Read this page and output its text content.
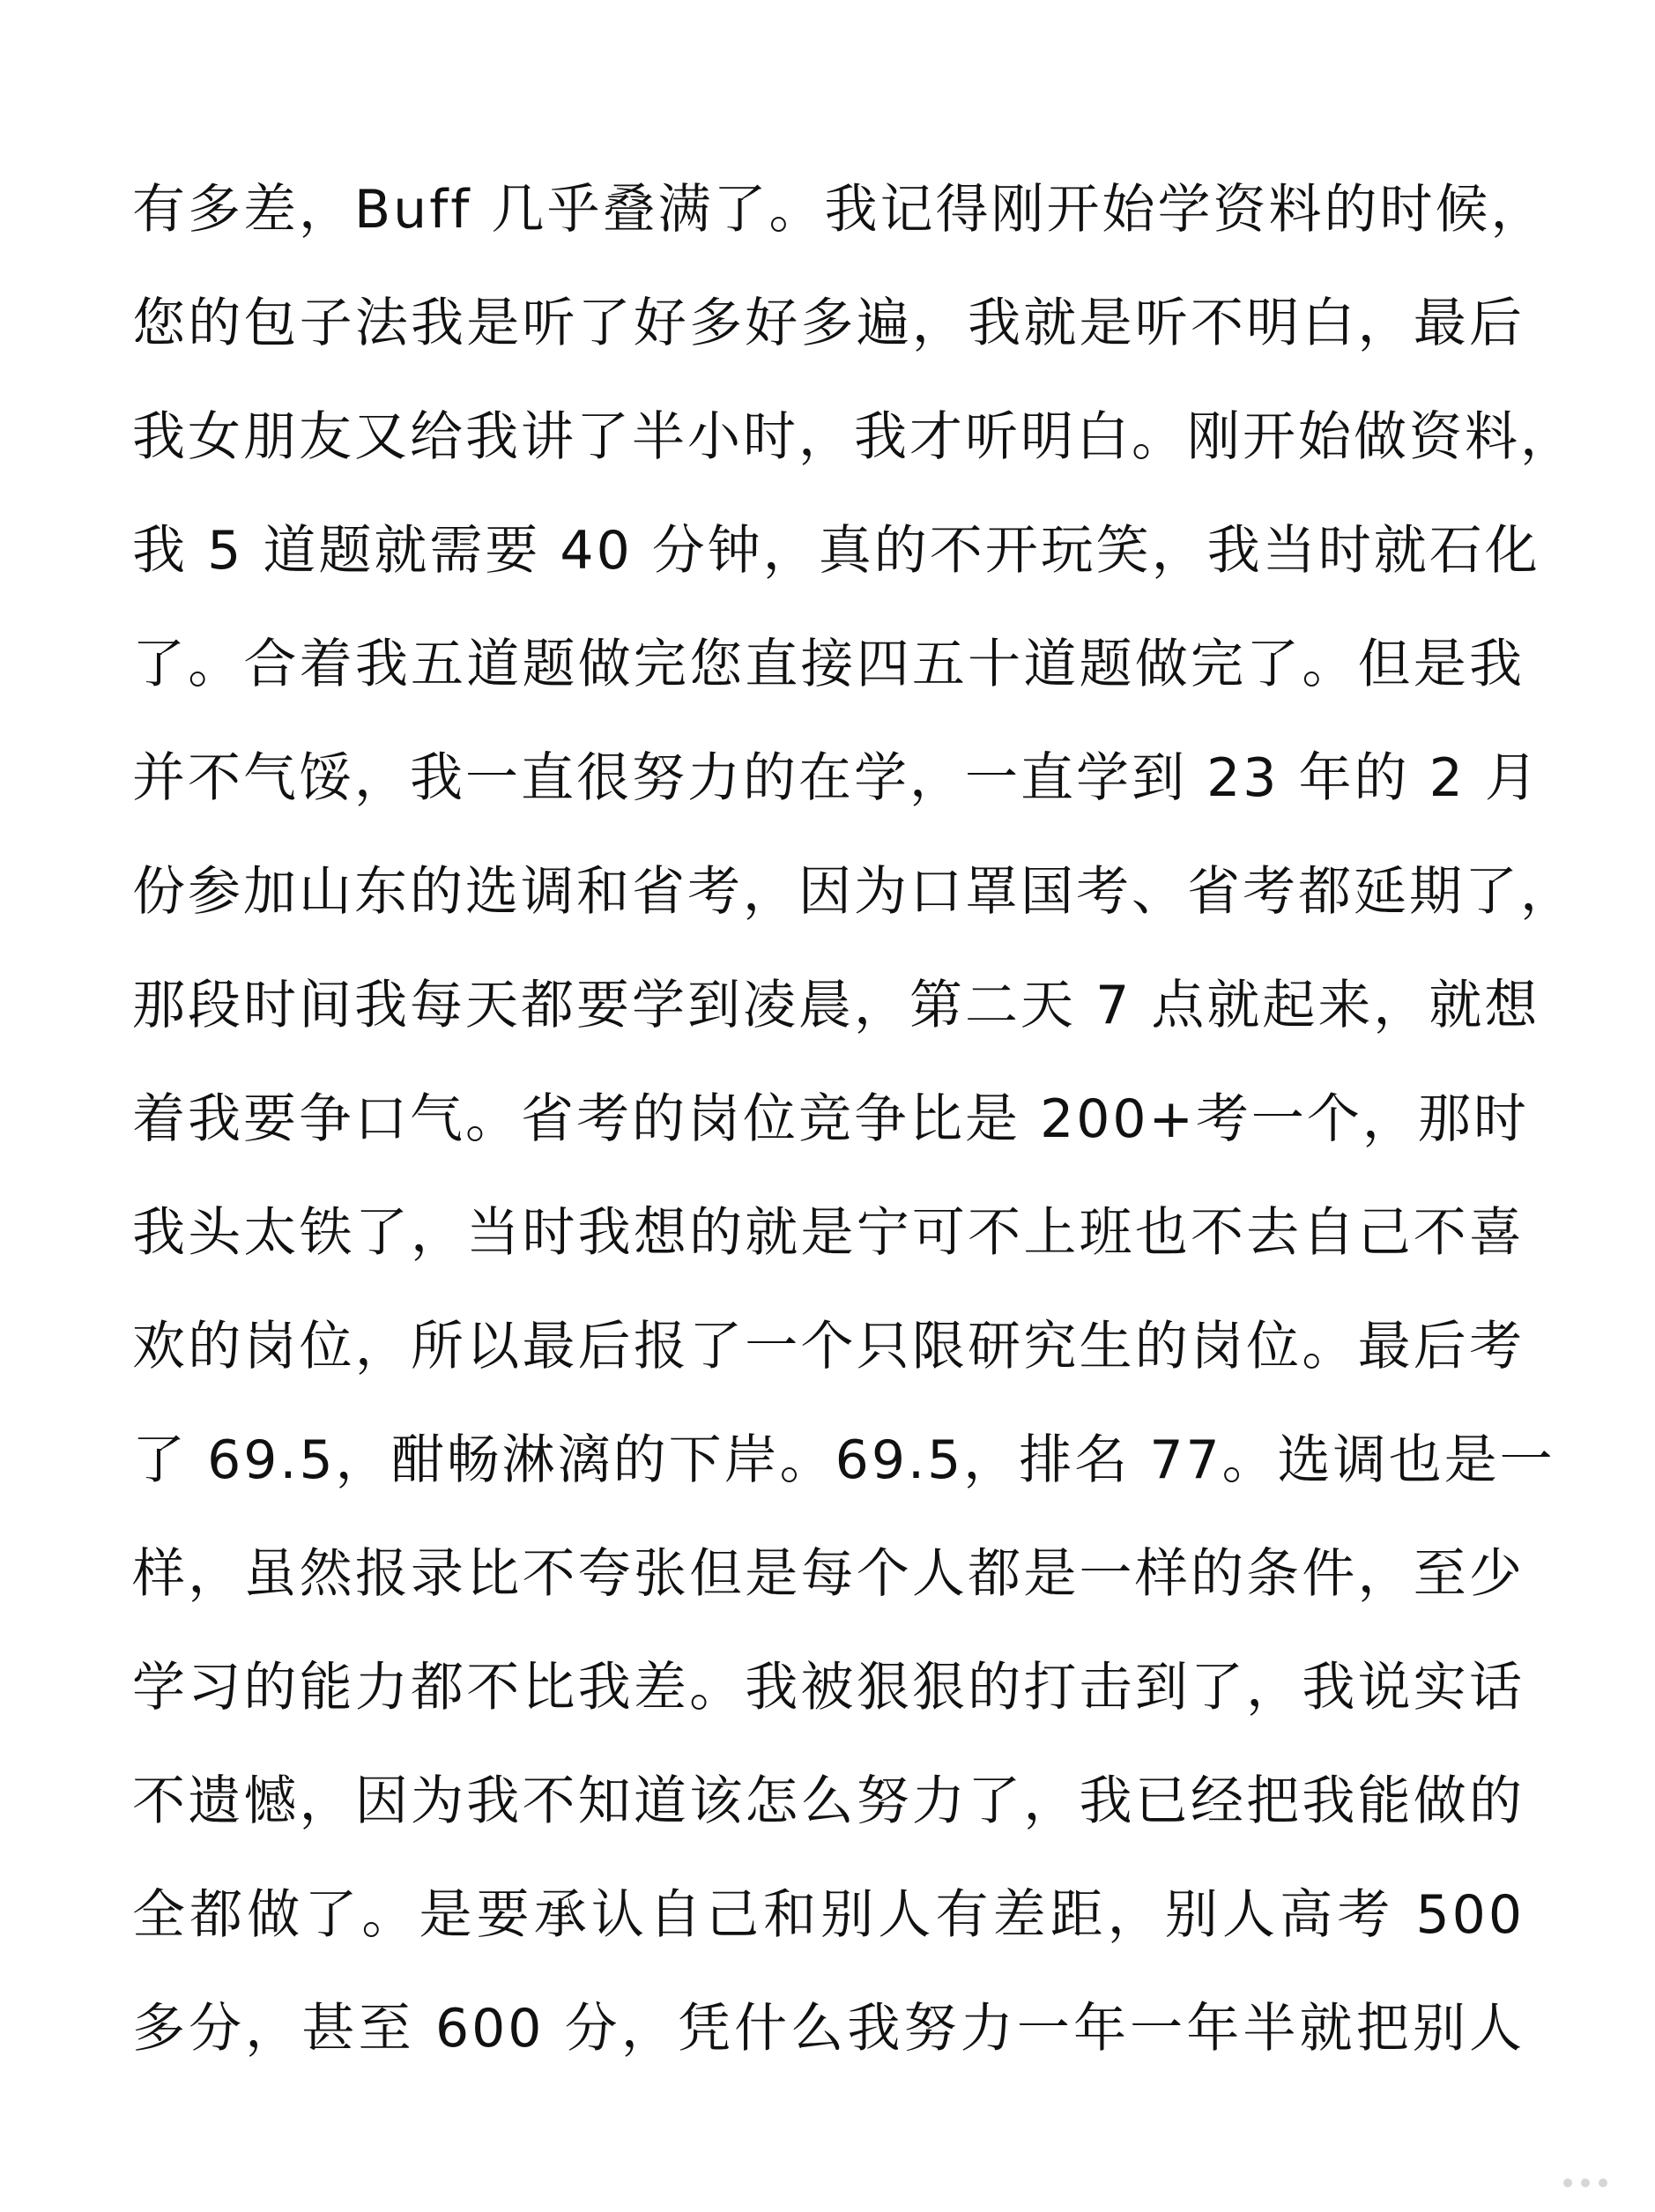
有多差，Buff 几乎叠满了。我记得刚开始学资料的时候，
您的包子法我是听了好多好多遍，我就是听不明白，最后
我女朋友又给我讲了半小时，我才听明白。刚开始做资料，
我 5 道题就需要 40 分钟，真的不开玩笑，我当时就石化
了。合着我五道题做完您直接四五十道题做完了。但是我
并不气馁，我一直很努力的在学，一直学到 23 年的 2 月
份参加山东的选调和省考，因为口罩国考、省考都延期了，
那段时间我每天都要学到凌晨，第二天 7 点就起来，就想
着我要争口气。省考的岗位竞争比是 200+考一个，那时
我头太铁了，当时我想的就是宁可不上班也不去自己不喜
欢的岗位，所以最后报了一个只限研究生的岗位。最后考
了 69.5，酣畅淋漓的下岸。69.5，排名 77。选调也是一
样，虽然报录比不夸张但是每个人都是一样的条件，至少
学习的能力都不比我差。我被狠狠的打击到了，我说实话
不遗憾，因为我不知道该怎么努力了，我已经把我能做的
全都做了。是要承认自己和别人有差距，别人高考 500
多分，甚至 600 分，凭什么我努力一年一年半就把别人
